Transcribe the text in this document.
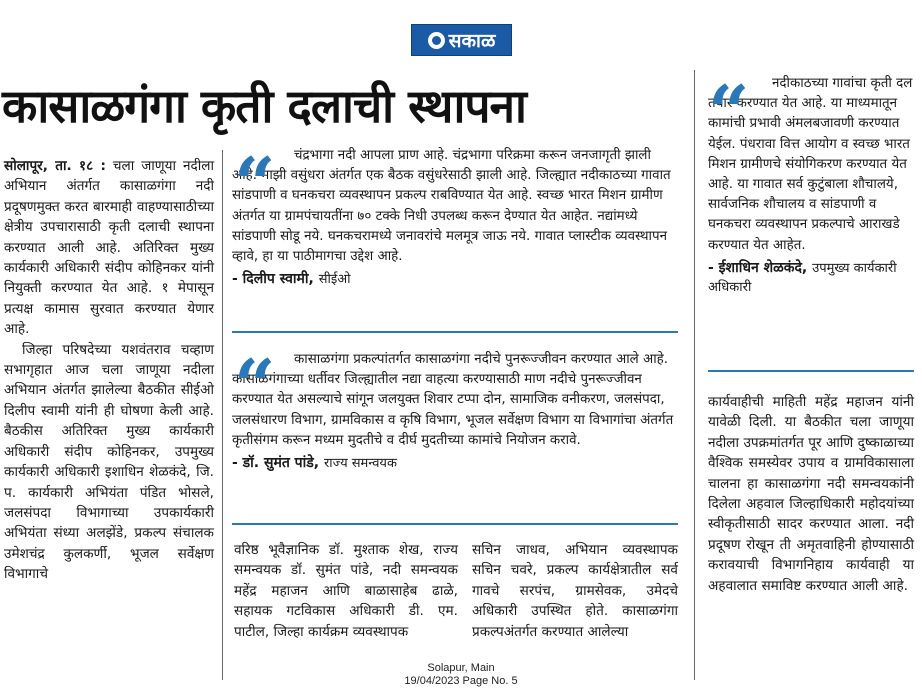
सकाळ
कासाळगंगा कृती दलाची स्थापना

सोलापूर, ता. १८ : चला जाणूया नदीला अभियान अंतर्गत कासाळगंगा नदी प्रदूषणमुक्त करत बारमाही वाहण्यासाठीच्या क्षेत्रीय उपचारासाठी कृती दलाची स्थापना करण्यात आली आहे. अतिरिक्त मुख्य कार्यकारी अधिकारी संदीप कोहिनकर यांनी नियुक्ती करण्यात येत आहे. १ मेपासून प्रत्यक्ष कामास सुरवात करण्यात येणार आहे.

जिल्हा परिषदेच्या यशवंतराव चव्हाण सभागृहात आज चला जाणूया नदीला अभियान अंतर्गत झालेल्या बैठकीत सीईओ दिलीप स्वामी यांनी ही घोषणा केली आहे. बैठकीस अतिरिक्त मुख्य कार्यकारी अधिकारी संदीप कोहिनकर, उपमुख्य कार्यकारी अधिकारी इशाधिन शेळकंदे, जि. प. कार्यकारी अभियंता पंडित भोसले, जलसंपदा विभागाच्या उपकार्यकारी अभियंता संध्या अलझेंडे, प्रकल्प संचालक उमेशचंद्र कुलकर्णी, भूजल सर्वेक्षण विभागाचे

“	चंद्रभागा नदी आपला प्राण आहे. चंद्रभागा परिक्रमा करून जनजागृती झाली आहे. माझी वसुंधरा अंतर्गत एक बैठक वसुंधरेसाठी झाली आहे. जिल्ह्यात नदीकाठच्या गावात सांडपाणी व घनकचरा व्यवस्थापन प्रकल्प राबविण्यात येत आहे. स्वच्छ भारत मिशन ग्रामीण अंतर्गत या ग्रामपंचायतींना ७० टक्के निधी उपलब्ध करून देण्यात येत आहेत. नद्यांमध्ये सांडपाणी सोडू नये. घनकचरामध्ये जनावरांचे मलमूत्र जाऊ नये. गावात प्लास्टीक व्यवस्थापन व्हावे, हा या पाठीमागचा उद्देश आहे.
- दिलीप स्वामी, सीईओ
“	कासाळगंगा प्रकल्पांतर्गत कासाळगंगा नदीचे पुनरूज्जीवन करण्यात आले आहे. कासाळगंगाच्या धर्तीवर जिल्ह्यातील नद्या वाहत्या करण्यासाठी माण नदीचे पुनरूज्जीवन करण्यात येत असल्याचे सांगून जलयुक्त शिवार टप्पा दोन, सामाजिक वनीकरण, जलसंपदा, जलसंधारण विभाग, ग्रामविकास व कृषि विभाग, भूजल सर्वेक्षण विभाग या विभागांचा अंतर्गत कृतीसंगम करून मध्यम मुदतीचे व दीर्घ मुदतीच्या कामांचे नियोजन करावे.
- डॉ. सुमंत पांडे, राज्य समन्वयक
वरिष्ठ भूवैज्ञानिक डॉ. मुश्ताक शेख, राज्य समन्वयक डॉ. सुमंत पांडे, नदी समन्वयक महेंद्र महाजन आणि बाळासाहेब ढाळे, सहायक गटविकास अधिकारी डी. एम. पाटील, जिल्हा कार्यक्रम व्यवस्थापक
सचिन जाधव, अभियान व्यवस्थापक सचिन चवरे, प्रकल्प कार्यक्षेत्रातील सर्व गावचे सरपंच, ग्रामसेवक, उमेदचे अधिकारी उपस्थित होते. कासाळगंगा प्रकल्पअंतर्गत करण्यात आलेल्या
“	नदीकाठच्या गावांचा कृती दल तयार करण्यात येत आहे. या माध्यमातून कामांची प्रभावी अंमलबजावणी करण्यात येईल. पंधरावा वित्त आयोग व स्वच्छ भारत मिशन ग्रामीणचे संयोगिकरण करण्यात येत आहे. या गावात सर्व कुटुंबाला शौचालये, सार्वजनिक शौचालय व सांडपाणी व घनकचरा व्यवस्थापन प्रकल्पाचे आराखडे करण्यात येत आहेत.
- ईशाधिन शेळकंदे, उपमुख्य कार्यकारी अधिकारी
कार्यवाहीची माहिती महेंद्र महाजन यांनी यावेळी दिली. या बैठकीत चला जाणूया नदीला उपक्रमांतर्गत पूर आणि दुष्काळाच्या वैश्विक समस्येवर उपाय व ग्रामविकासाला चालना हा कासाळगंगा नदी समन्वयकांनी दिलेला अहवाल जिल्हाधिकारी महोदयांच्या स्वीकृतीसाठी सादर करण्यात आला. नदी प्रदूषण रोखून ती अमृतवाहिनी होण्यासाठी करावयाची विभागनिहाय कार्यवाही या अहवालात समाविष्ट करण्यात आली आहे.
Solapur, Main
19/04/2023 Page No. 5
